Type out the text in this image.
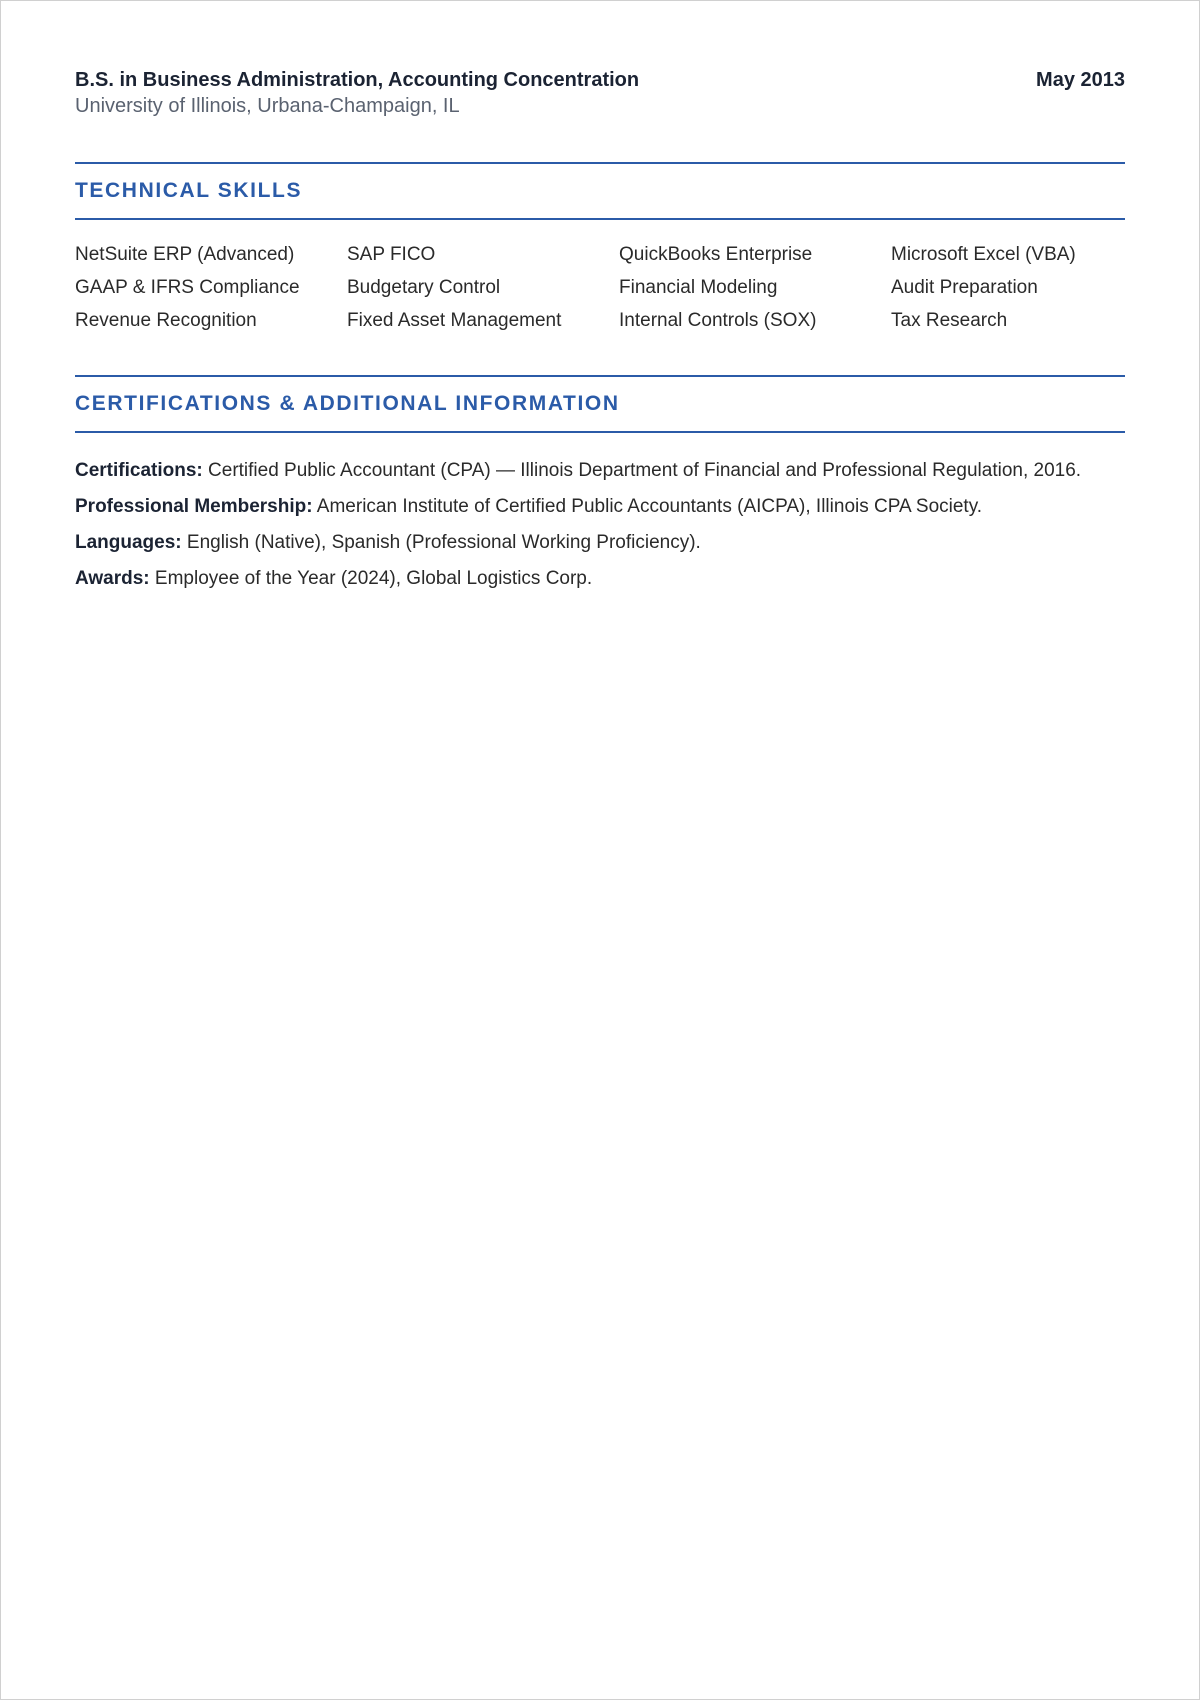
B.S. in Business Administration, Accounting Concentration
University of Illinois, Urbana-Champaign, IL
May 2013
TECHNICAL SKILLS
NetSuite ERP (Advanced)	SAP FICO	QuickBooks Enterprise	Microsoft Excel (VBA)
GAAP & IFRS Compliance	Budgetary Control	Financial Modeling	Audit Preparation
Revenue Recognition	Fixed Asset Management	Internal Controls (SOX)	Tax Research
CERTIFICATIONS & ADDITIONAL INFORMATION
Certifications: Certified Public Accountant (CPA) — Illinois Department of Financial and Professional Regulation, 2016.
Professional Membership: American Institute of Certified Public Accountants (AICPA), Illinois CPA Society.
Languages: English (Native), Spanish (Professional Working Proficiency).
Awards: Employee of the Year (2024), Global Logistics Corp.
